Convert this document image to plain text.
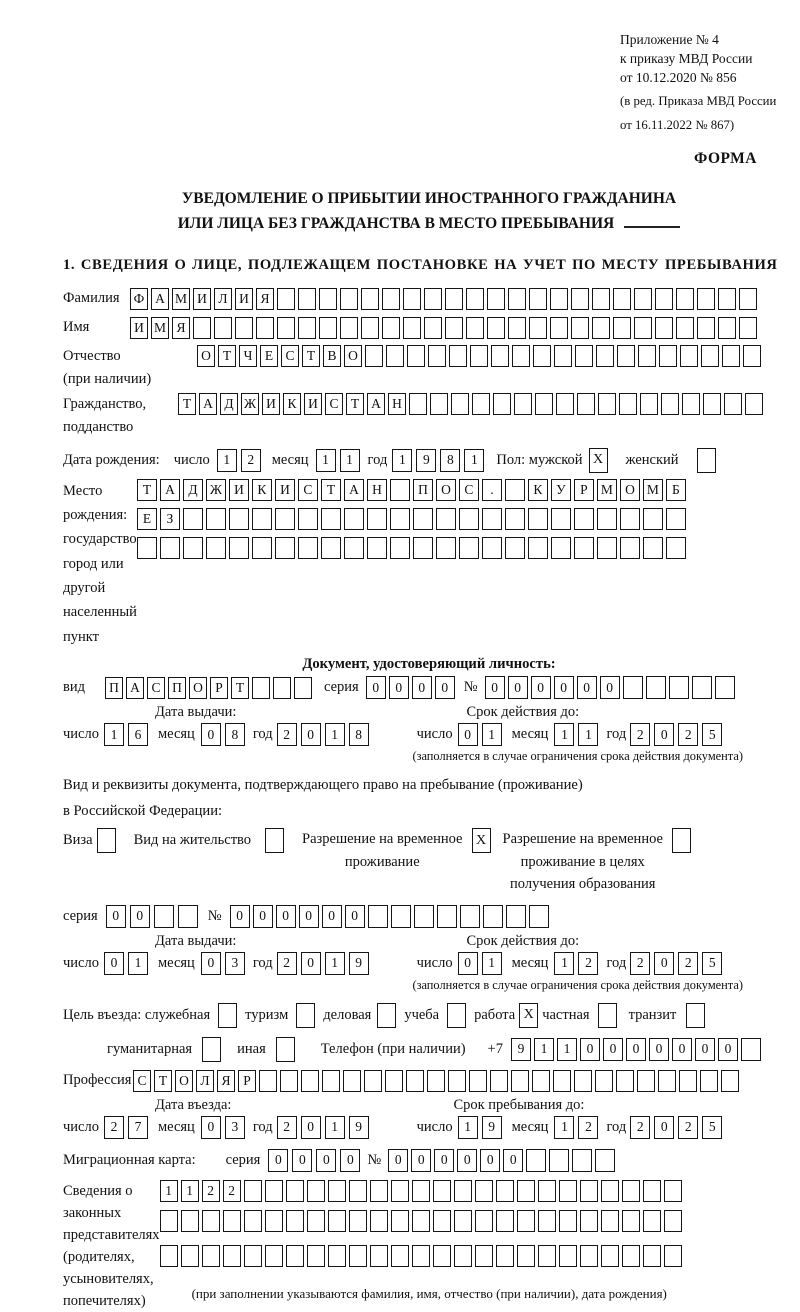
Приложение № 4
к приказу МВД России
от 10.12.2020 № 856
(в ред. Приказа МВД России
от 16.11.2022 № 867)
ФОРМА
УВЕДОМЛЕНИЕ О ПРИБЫТИИ ИНОСТРАННОГО ГРАЖДАНИНА
ИЛИ ЛИЦА БЕЗ ГРАЖДАНСТВА В МЕСТО ПРЕБЫВАНИЯ
1. СВЕДЕНИЯ О ЛИЦЕ, ПОДЛЕЖАЩЕМ ПОСТАНОВКЕ НА УЧЕТ ПО МЕСТУ ПРЕБЫВАНИЯ
Фамилия	Ф А М И Л И Я
Имя	И М Я
Отчество
(при наличии)
О Т Ч Е С Т В О
Гражданство,
подданство
Т А Д Ж И К И С Т А Н
Дата рождения: число	1	2	месяц	1	1	год 1	9	8	1	Пол: мужской X	женский
Место рождения:
государство
город или другой
населенный пункт
Т	А	Д Ж И	К	И	С	Т	А Н	П О	С	.	К	У	Р М О М Б

Е	З

Документ, удостоверяющий личность:
вид	П А С П О Р Т	серия	0	0	0	0	№	0	0	0	0	0	0
Дата выдачи:	Срок действия до:
число 1	6	месяц 0	8	год 2	0	1	8	число 0	1	месяц 1	1	год 2	0	2	5
(заполняется в случае ограничения срока действия документа)
Вид и реквизиты документа, подтверждающего право на пребывание (проживание)
в Российской Федерации:
Виза	Вид на жительство	Разрешение на временное
проживание
X	Разрешение на временное
проживание в целях
получения образования
серия	0	0	№	0	0	0	0	0	0
Дата выдачи:	Срок действия до:
число 0	1	месяц 0	3	год 2	0	1	9	число 0	1	месяц 1	2	год 2	0	2	5
(заполняется в случае ограничения срока действия документа)
Цель въезда: служебная туризм деловая учеба работа X частная	транзит
гуманитарная	иная	Телефон (при наличии) +7	9	1	1	0	0	0	0	0	0	0
Профессия С Т О Л Я Р
Дата въезда:	Срок пребывания до:
число 2	7	месяц 0	3	год 2	0	1	9	число 1	9	месяц 1	2	год 2	0	2	5
Миграционная карта: серия	0	0	0	0 №	0	0	0	0	0	0
Сведения о
законных
представителях
(родителях,
усыновителях,
попечителях)
1	1	2	2

(при заполнении указываются фамилия, имя, отчество (при наличии), дата рождения)
